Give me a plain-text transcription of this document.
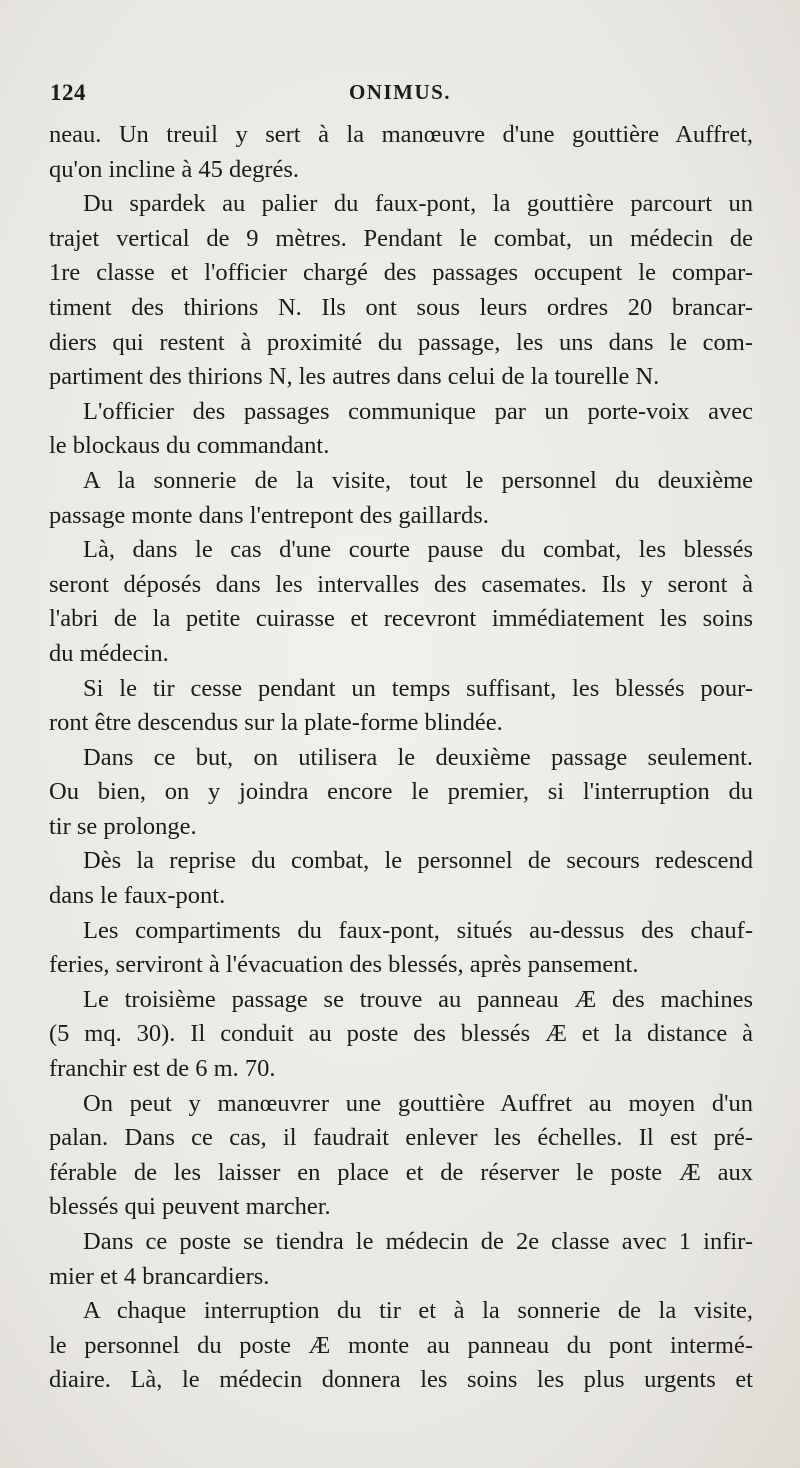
124	ONIMUS.
neau. Un treuil y sert à la manœuvre d'une gouttière Auffret,
qu'on incline à 45 degrés.
Du spardek au palier du faux-pont, la gouttière parcourt un
trajet vertical de 9 mètres. Pendant le combat, un médecin de
1re classe et l'officier chargé des passages occupent le compar-
timent des thirions N. Ils ont sous leurs ordres 20 brancar-
diers qui restent à proximité du passage, les uns dans le com-
partiment des thirions N, les autres dans celui de la tourelle N.
L'officier des passages communique par un porte-voix avec
le blockaus du commandant.
A la sonnerie de la visite, tout le personnel du deuxième
passage monte dans l'entrepont des gaillards.
Là, dans le cas d'une courte pause du combat, les blessés
seront déposés dans les intervalles des casemates. Ils y seront à
l'abri de la petite cuirasse et recevront immédiatement les soins
du médecin.
Si le tir cesse pendant un temps suffisant, les blessés pour-
ront être descendus sur la plate-forme blindée.
Dans ce but, on utilisera le deuxième passage seulement.
Ou bien, on y joindra encore le premier, si l'interruption du
tir se prolonge.
Dès la reprise du combat, le personnel de secours redescend
dans le faux-pont.
Les compartiments du faux-pont, situés au-dessus des chauf-
feries, serviront à l'évacuation des blessés, après pansement.
Le troisième passage se trouve au panneau Æ des machines
(5 mq. 30). Il conduit au poste des blessés Æ et la distance à
franchir est de 6 m. 70.
On peut y manœuvrer une gouttière Auffret au moyen d'un
palan. Dans ce cas, il faudrait enlever les échelles. Il est pré-
férable de les laisser en place et de réserver le poste Æ aux
blessés qui peuvent marcher.
Dans ce poste se tiendra le médecin de 2e classe avec 1 infir-
mier et 4 brancardiers.
A chaque interruption du tir et à la sonnerie de la visite,
le personnel du poste Æ monte au panneau du pont intermé-
diaire. Là, le médecin donnera les soins les plus urgents et
